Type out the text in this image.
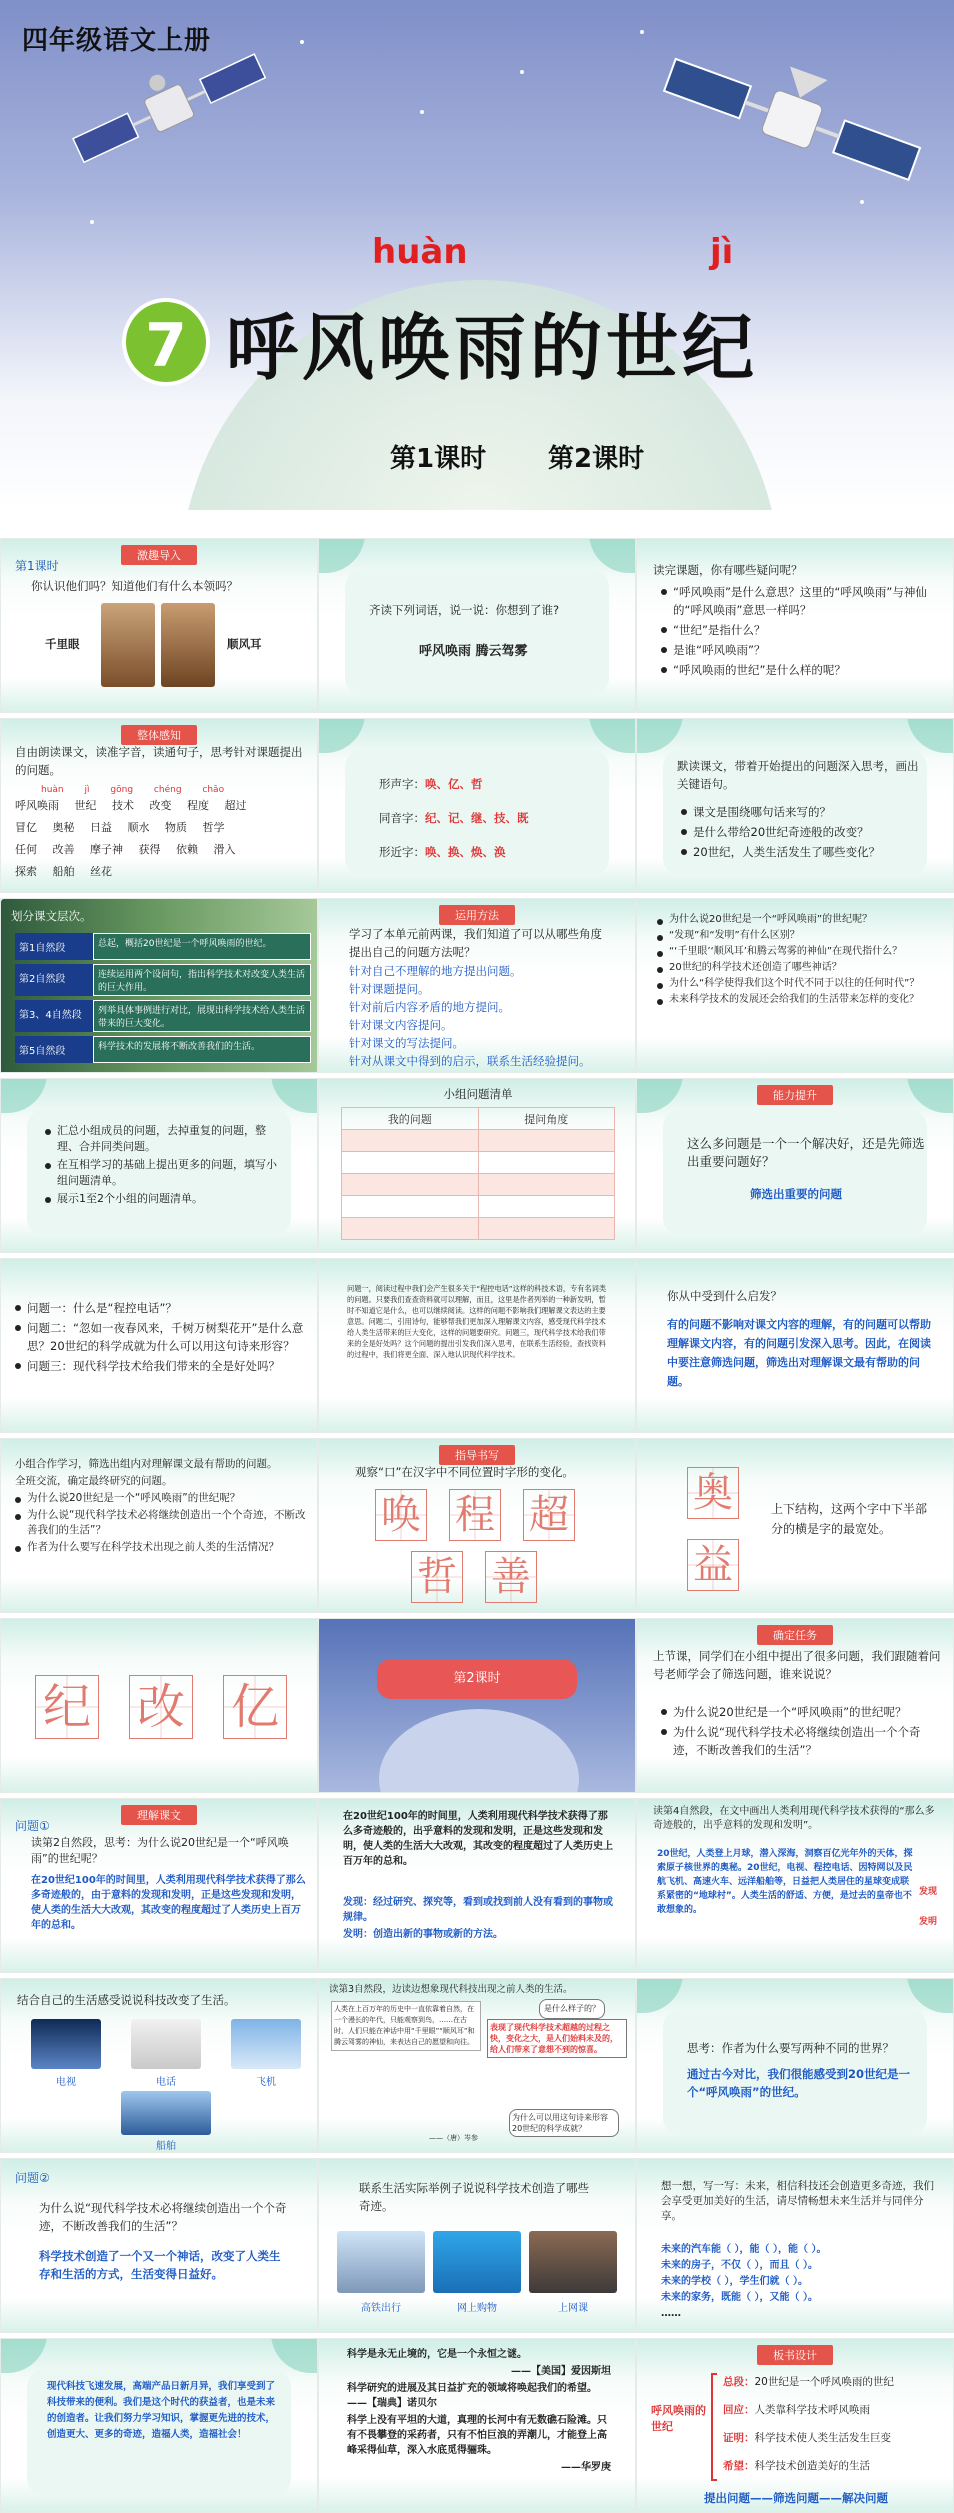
四年级语文上册
huàn	jì
7 呼风唤雨的世纪
第1课时 第2课时
激趣导入
第1课时
你认识他们吗？知道他们有什么本领吗？
千里眼	顺风耳
齐读下列词语，说一说：你想到了谁?
呼风唤雨 腾云驾雾
读完课题，你有哪些疑问呢？

“呼风唤雨”是什么意思？这里的“呼风唤雨”与神仙的“呼风唤雨”意思一样吗？

“世纪”是指什么？

是谁“呼风唤雨”？

“呼风唤雨的世纪”是什么样的呢？

整体感知
自由朗读课文，读准字音，读通句子，思考针对课题提出的问题。
huàn jì gōng chéng chāo
呼风唤雨 世纪 技术 改变 程度 超过
冒亿 奥秘 日益 顺水 物质 哲学
任何 改善 摩子神 获得 依赖 滑入
探索 船舶 丝花
形声字：唤、亿、哲
同音字：纪、记、继、技、既
形近字：唤、换、焕、涣
默读课文，带着开始提出的问题深入思考，画出关键语句。

课文是围绕哪句话来写的？

是什么带给20世纪奇迹般的改变？

20世纪，人类生活发生了哪些变化？

划分课文层次。
第1自然段	总起，概括20世纪是一个呼风唤雨的世纪。
第2自然段	连续运用两个设问句，指出科学技术对改变人类生活的巨大作用。
第3、4自然段	列举具体事例进行对比，展现出科学技术给人类生活带来的巨大变化。
第5自然段	科学技术的发展将不断改善我们的生活。
运用方法
学习了本单元前两课，我们知道了可以从哪些角度提出自己的问题方法呢？

针对自己不理解的地方提出问题。

针对课题提问。

针对前后内容矛盾的地方提问。

针对课文内容提问。

针对课文的写法提问。

针对从课文中得到的启示，联系生活经验提问。

为什么说20世纪是一个“呼风唤雨”的世纪呢？

“发现”和“发明”有什么区别？

“‘千里眼’‘顺风耳’和腾云驾雾的神仙”在现代指什么？

20世纪的科学技术还创造了哪些神话？

为什么“科学使得我们这个时代不同于以往的任何时代”？

未来科学技术的发展还会给我们的生活带来怎样的变化？

汇总小组成员的问题，去掉重复的问题，整理、合并同类问题。

在互相学习的基础上提出更多的问题，填写小组问题清单。

展示1至2个小组的问题清单。

小组问题清单
我的问题	提问角度

能力提升
这么多问题是一个一个解决好，还是先筛选出重要问题好？
筛选出重要的问题

问题一：什么是“程控电话”？

问题二：“忽如一夜春风来，千树万树梨花开”是什么意思？20世纪的科学成就为什么可以用这句诗来形容？

问题三：现代科学技术给我们带来的全是好处吗？

问题一，阅读过程中我们会产生很多关于“程控电话”这样的科技术语，专有名词类的问题。只要我们查查资料就可以理解，而且，这里是作者列举的一种新发明，暂时不知道它是什么，也可以继续阅读。这样的问题不影响我们理解课文表达的主要意思。问题二，引用诗句，能够帮我们更加深入理解课文内容，感受现代科学技术给人类生活带来的巨大变化，这样的问题要研究。问题三，现代科学技术给我们带来的全是好处吗？这个问题的提出引发我们深入思考，在联系生活经验，查找资料的过程中，我们将更全面、深入地认识现代科学技术。
你从中受到什么启发？
有的问题不影响对课文内容的理解，有的问题可以帮助理解课文内容，有的问题引发深入思考。因此，在阅读中要注意筛选问题，筛选出对理解课文最有帮助的问题。

小组合作学习，筛选出组内对理解课文最有帮助的问题。

全班交流，确定最终研究的问题。

为什么说20世纪是一个“呼风唤雨”的世纪呢？

为什么说“现代科学技术必将继续创造出一个个奇迹，不断改善我们的生活”？

作者为什么要写在科学技术出现之前人类的生活情况？

指导书写
观察“口”在汉字中不同位置时字形的变化。
唤 程 超
哲 善
奥
益
上下结构，这两个字中下半部分的横是字的最宽处。
纪 改 亿
第2课时
确定任务
上节课，同学们在小组中提出了很多问题，我们跟随着问号老师学会了筛选问题，谁来说说？

为什么说20世纪是一个“呼风唤雨”的世纪呢？

为什么说“现代科学技术必将继续创造出一个个奇迹，不断改善我们的生活”？

理解课文
问题①
读第2自然段，思考：为什么说20世纪是一个“呼风唤雨”的世纪呢？
在20世纪100年的时间里，人类利用现代科学技术获得了那么多奇迹般的，由于意料的发现和发明，正是这些发现和发明，使人类的生活大大改观，其改变的程度超过了人类历史上百万年的总和。
在20世纪100年的时间里，人类利用现代科学技术获得了那么多奇迹般的，出乎意料的发现和发明，正是这些发现和发明，使人类的生活大大改观，其改变的程度超过了人类历史上百万年的总和。

发现：经过研究、探究等，看到或找到前人没有看到的事物或规律。

发明：创造出新的事物或新的方法。

读第4自然段，在文中画出人类利用现代科学技术获得的“那么多奇迹般的，出乎意料的发现和发明”。
20世纪，人类登上月球，潜入深海，洞察百亿光年外的天体，探索原子核世界的奥秘。20世纪，电视、程控电话、因特网以及民航飞机、高速火车、远洋船舶等，日益把人类居住的星球变成联系紧密的“地球村”。人类生活的舒适、方便，是过去的皇帝也不敢想象的。
发现
发明
结合自己的生活感受说说科技改变了生活。
电视	电话	飞机
船舶
读第3自然段，边读边想象现代科技出现之前人类的生活。
人类在上百万年的历史中一直依靠着自然，在一个漫长的年代，只能观察到鸟，……在古时，人们只能在神话中用“千里眼”“顺风耳”和腾云驾雾的神仙，来表达自己的愿望和向往。
是什么样子的？
表现了现代科学技术超越的过程之快，变化之大，是人们始料未及的，给人们带来了意想不到的惊喜。
为什么可以用这句诗来形容20世纪的科学成就？
——（唐）岑参
思考：作者为什么要写两种不同的世界？
通过古今对比，我们很能感受到20世纪是一个“呼风唤雨”的世纪。
问题②
为什么说“现代科学技术必将继续创造出一个个奇迹，不断改善我们的生活”？
科学技术创造了一个又一个神话，改变了人类生存和生活的方式，生活变得日益好。
联系生活实际举例子说说科学技术创造了哪些奇迹。
高铁出行	网上购物	上网课
想一想，写一写：未来，相信科技还会创造更多奇迹，我们会享受更加美好的生活，请尽情畅想未来生活并与同伴分享。

未来的汽车能（ ），能（ ），能（ ）。

未来的房子，不仅（ ），而且（ ）。

未来的学校（ ），学生们就（ ）。

未来的家务，既能（ ），又能（ ）。

……

现代科技飞速发展，高端产品日新月异，我们享受到了科技带来的便利。我们是这个时代的获益者，也是未来的创造者。让我们努力学习知识，掌握更先进的技术，创造更大、更多的奇迹，造福人类，造福社会！

科学是永无止境的，它是一个永恒之谜。

——【美国】爱因斯坦

科学研究的进展及其日益扩充的领域将唤起我们的希望。——【瑞典】诺贝尔

科学上没有平坦的大道，真理的长河中有无数礁石险滩。只有不畏攀登的采药者，只有不怕巨浪的弄潮儿，才能登上高峰采得仙草，深入水底觅得骊珠。

——华罗庚

板书设计
呼风唤雨的世纪

总段：20世纪是一个呼风唤雨的世纪

回应：人类靠科学技术呼风唤雨

证明：科学技术使人类生活发生巨变

希望：科学技术创造美好的生活

提出问题——筛选问题——解决问题
